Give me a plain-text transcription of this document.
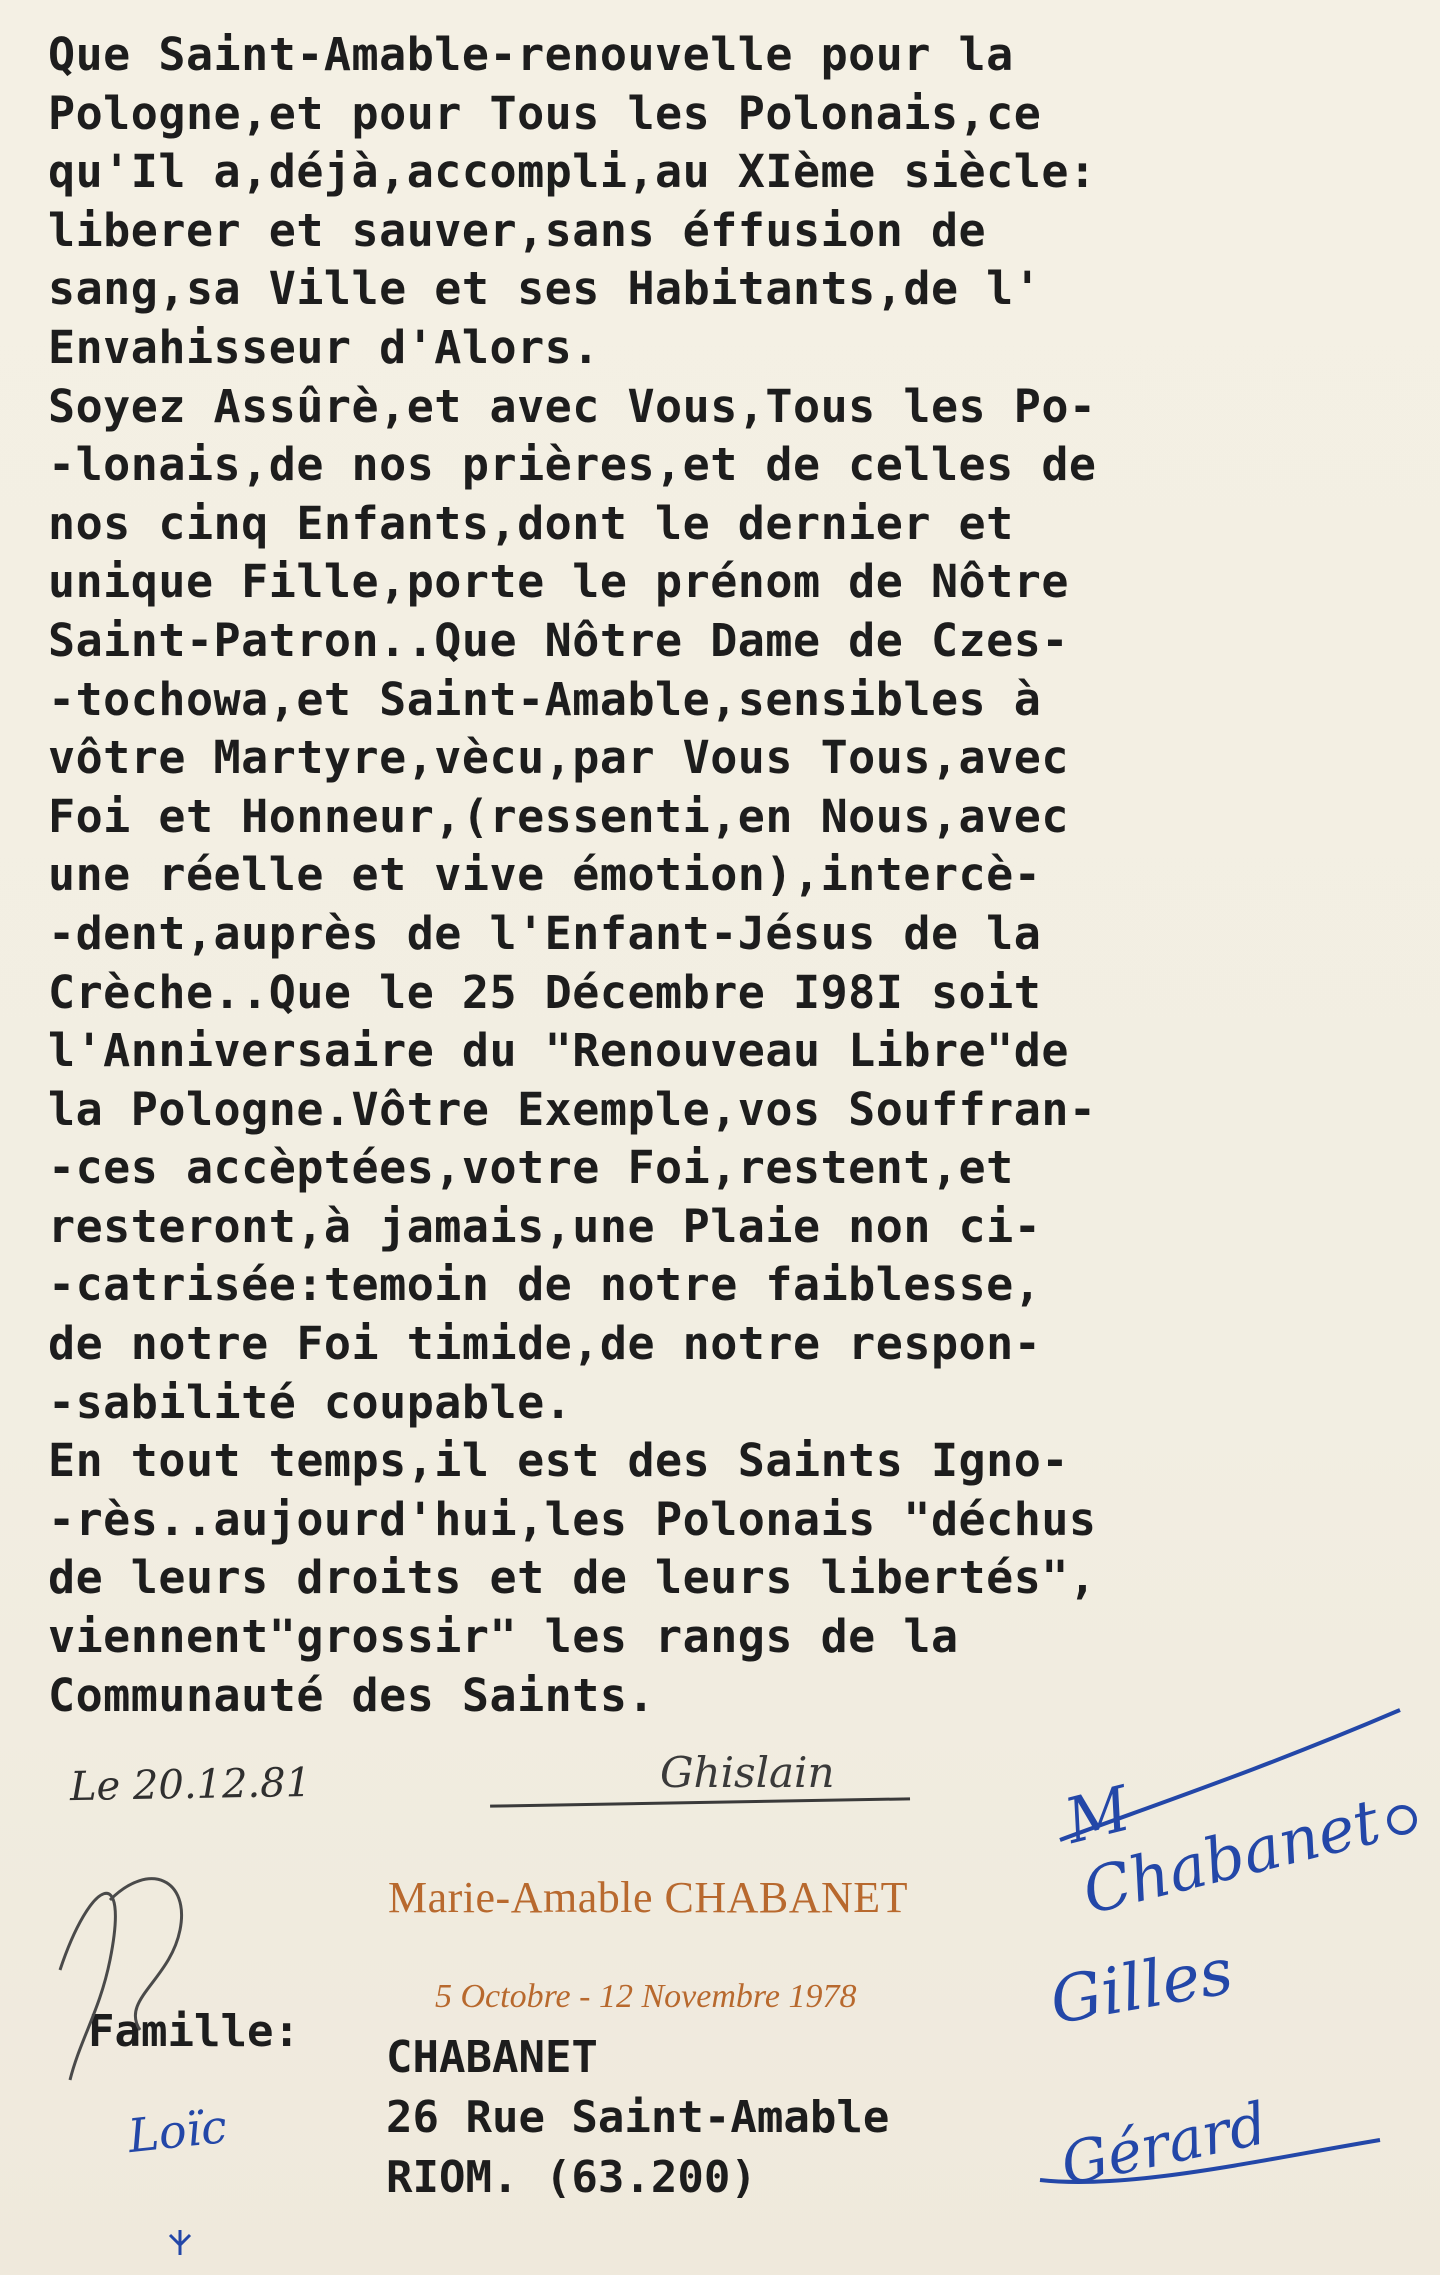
Que Saint-Amable-renouvelle pour la
Pologne,et pour Tous les Polonais,ce
qu'Il a,déjà,accompli,au XIème siècle:
liberer et sauver,sans éffusion de
sang,sa Ville et ses Habitants,de l'
Envahisseur d'Alors.
Soyez Assûrè,et avec Vous,Tous les Po-
-lonais,de nos prières,et de celles de
nos cinq Enfants,dont le dernier et
unique Fille,porte le prénom de Nôtre
Saint-Patron..Que Nôtre Dame de Czes-
-tochowa,et Saint-Amable,sensibles à
vôtre Martyre,vècu,par Vous Tous,avec
Foi et Honneur,(ressenti,en Nous,avec
une réelle et vive émotion),intercè-
-dent,auprès de l'Enfant-Jésus de la
Crèche..Que le 25 Décembre I98I soit
l'Anniversaire du "Renouveau Libre"de
la Pologne.Vôtre Exemple,vos Souffran-
-ces accèptées,votre Foi,restent,et
resteront,à jamais,une Plaie non ci-
-catrisée:temoin de notre faiblesse,
de notre Foi timide,de notre respon-
-sabilité coupable.
En tout temps,il est des Saints Igno-
-rès..aujourd'hui,les Polonais "déchus
de leurs droits et de leurs libertés",
viennent"grossir" les rangs de la
Communauté des Saints.
Le 20.12.81	Ghislain
Marie-Amable CHABANET
5 Octobre - 12 Novembre 1978
Famille:
CHABANET
26 Rue Saint-Amable
RIOM. (63.200)
M Chabanet
Gilles
Gérard
Loïc
